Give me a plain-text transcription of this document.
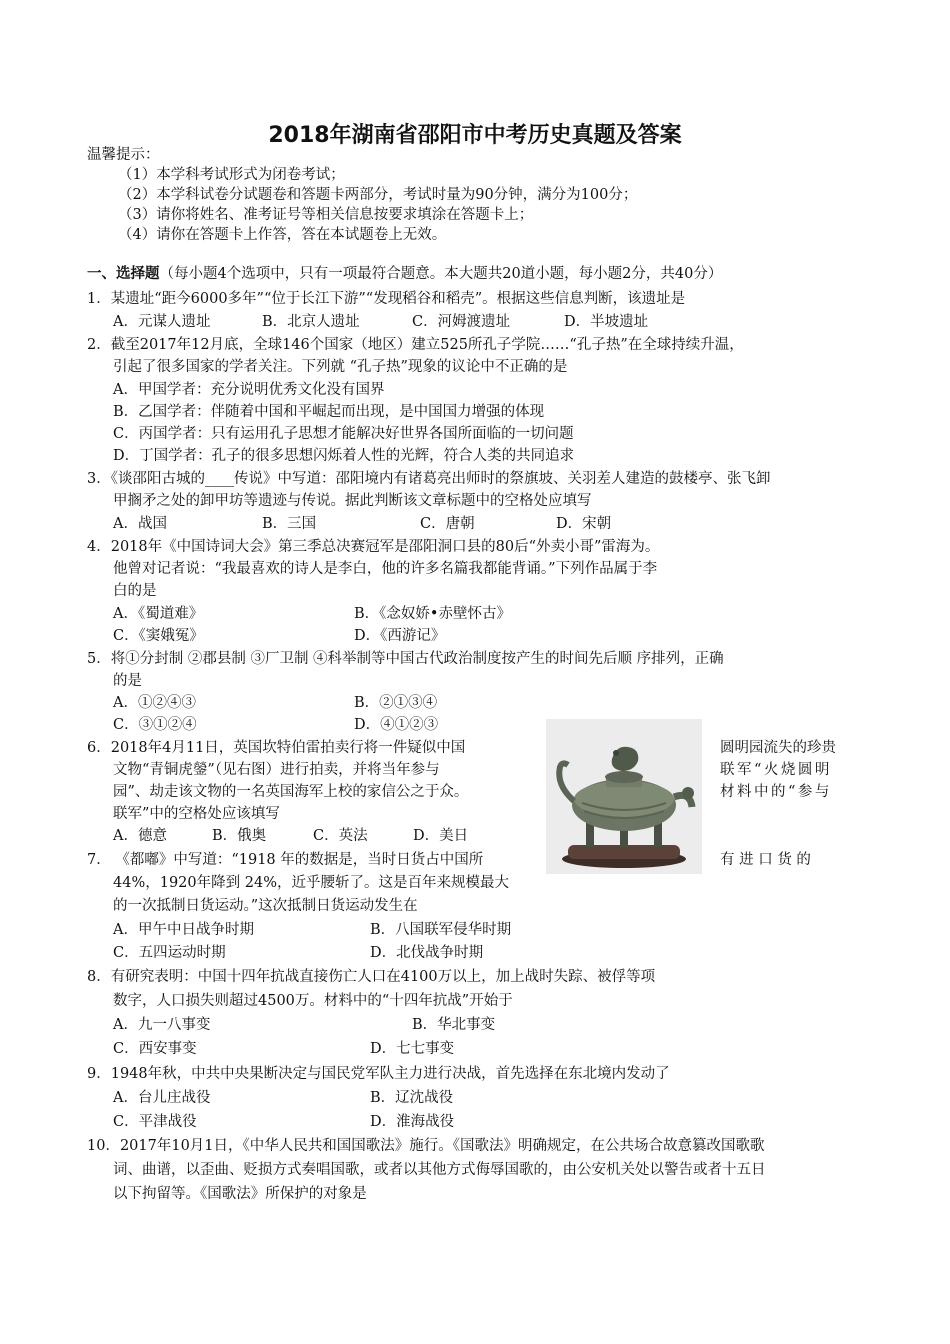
2018年湖南省邵阳市中考历史真题及答案
温馨提示：
（1）本学科考试形式为闭卷考试；
（2）本学科试卷分试题卷和答题卡两部分，考试时量为90分钟，满分为100分；
（3）请你将姓名、准考证号等相关信息按要求填涂在答题卡上；
（4）请你在答题卡上作答，答在本试题卷上无效。
一、选择题（每小题4个选项中，只有一项最符合题意。本大题共20道小题，每小题2分，共40分）
1．某遗址“距今6000多年”“位于长江下游”“发现稻谷和稻壳”。根据这些信息判断，该遗址是
A．元谋人遗址	B．北京人遗址	C．河姆渡遗址	D．半坡遗址
2．截至2017年12月底，全球146个国家（地区）建立525所孔子学院……“孔子热”在全球持续升温，
引起了很多国家的学者关注。下列就 “孔子热”现象的议论中不正确的是
A．甲国学者：充分说明优秀文化没有国界
B．乙国学者：伴随着中国和平崛起而出现，是中国国力增强的体现
C．丙国学者：只有运用孔子思想才能解决好世界各国所面临的一切问题
D．丁国学者：孔子的很多思想闪烁着人性的光辉，符合人类的共同追求
3．《谈邵阳古城的____传说》中写道：邵阳境内有诸葛亮出师时的祭旗坡、关羽差人建造的鼓楼亭、张飞卸
甲搁矛之处的卸甲坊等遗迹与传说。据此判断该文章标题中的空格处应填写
A．战国	B．三国	C．唐朝	D．宋朝
4．2018年《中国诗词大会》第三季总决赛冠军是邵阳洞口县的80后“外卖小哥”雷海为。
他曾对记者说：“我最喜欢的诗人是李白，他的许多名篇我都能背诵。”下列作品属于李
白的是
A．《蜀道难》	B．《念奴娇•赤壁怀古》
C．《窦娥冤》	D．《西游记》
5．将①分封制 ②郡县制 ③厂卫制 ④科举制等中国古代政治制度按产生的时间先后顺 序排列，正确
的是
A．①②④③	B．②①③④
C．③①②④	D．④①②③
6．2018年4月11日，英国坎特伯雷拍卖行将一件疑似中国
文物“青铜虎鎣”（见右图）进行拍卖，并将当年参与
园”、劫走该文物的一名英国海军上校的家信公之于众。
联军”中的空格处应该填写
圆明园流失的珍贵
联军“火烧圆明
材料中的“参与
A．德意	B．俄奥	C．英法	D．美日
7． 《都嘟》中写道：“1918 年的数据是，当时日货占中国所	有 进 口 货 的
44%，1920年降到 24%，近乎腰斩了。这是百年来规模最大
的一次抵制日货运动。”这次抵制日货运动发生在
A．甲午中日战争时期	B．八国联军侵华时期
C．五四运动时期	D．北伐战争时期
8．有研究表明：中国十四年抗战直接伤亡人口在4100万以上，加上战时失踪、被俘等项
数字，人口损失则超过4500万。材料中的“十四年抗战”开始于
A．九一八事变	B．华北事变
C．西安事变	D．七七事变
9．1948年秋，中共中央果断决定与国民党军队主力进行决战，首先选择在东北境内发动了
A．台儿庄战役	B．辽沈战役
C．平津战役	D．淮海战役
10．2017年10月1日，《中华人民共和国国歌法》施行。《国歌法》明确规定，在公共场合故意篡改国歌歌
词、曲谱，以歪曲、贬损方式奏唱国歌，或者以其他方式侮辱国歌的，由公安机关处以警告或者十五日
以下拘留等。《国歌法》所保护的对象是
